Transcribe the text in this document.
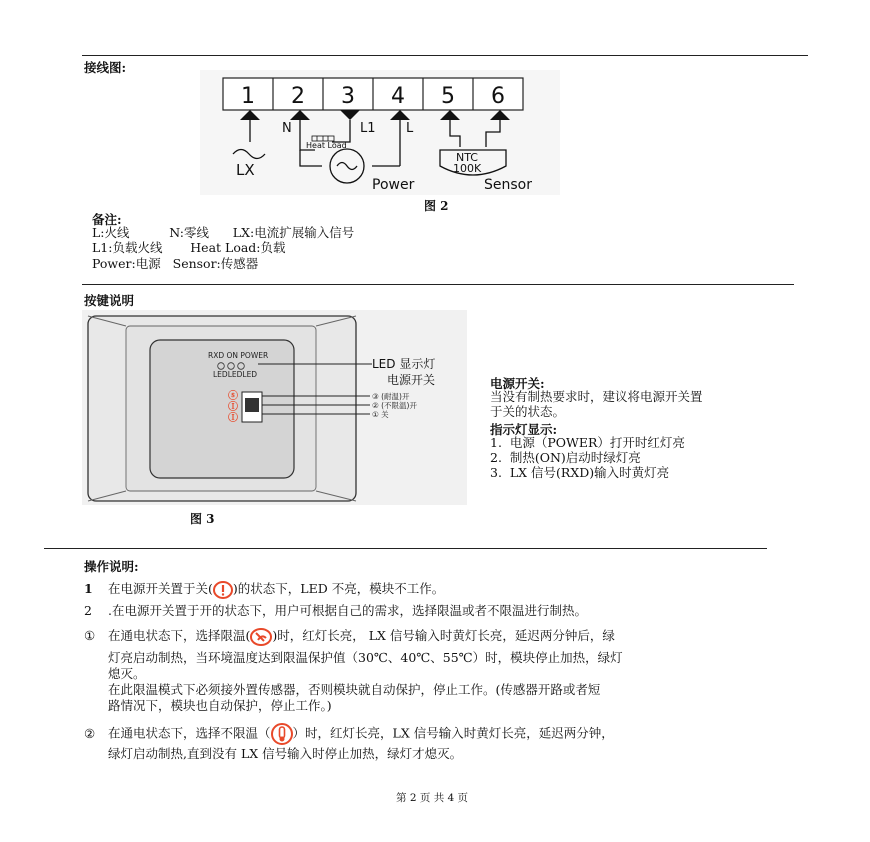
接线图:
1 2 3 4 5 6
N	L1 L
LX
Heat Load
Power
NTC
100K
Sensor
图 2
备注:
L:火线          N:零线      LX:电流扩展输入信号
L1:负载火线       Heat Load:负载
Power:电源   Sensor:传感器
按键说明
RXD ON POWER
LEDLEDLED
ⓢ
Ⓘ
Ⓘ
LED 显示灯
电源开关
③ (耐温)开
② (不限温)开
① 关
图 3
电源开关:
当没有制热要求时，建议将电源开关置
于关的状态。
指示灯显示:
1.  电源（POWER）打开时红灯亮
2.  制热(ON)启动时绿灯亮
3.  LX 信号(RXD)输入时黄灯亮
操作说明:
1 在电源开关置于关( )的状态下，LED 不亮，模块不工作。
2 .在电源开关置于开的状态下，用户可根据自己的需求，选择限温或者不限温进行制热。
① 在通电状态下，选择限温( )时，红灯长亮， LX 信号输入时黄灯长亮，延迟两分钟后，绿
灯亮启动制热，当环境温度达到限温保护值（30℃、40℃、55℃）时，模块停止加热，绿灯
熄灭。
在此限温模式下必须接外置传感器，否则模块就自动保护，停止工作。(传感器开路或者短
路情况下，模块也自动保护，停止工作。)
② 在通电状态下，选择不限温（ ）时，红灯长亮，LX 信号输入时黄灯长亮，延迟两分钟，
绿灯启动制热,直到没有 LX 信号输入时停止加热，绿灯才熄灭。
第 2 页 共 4 页
